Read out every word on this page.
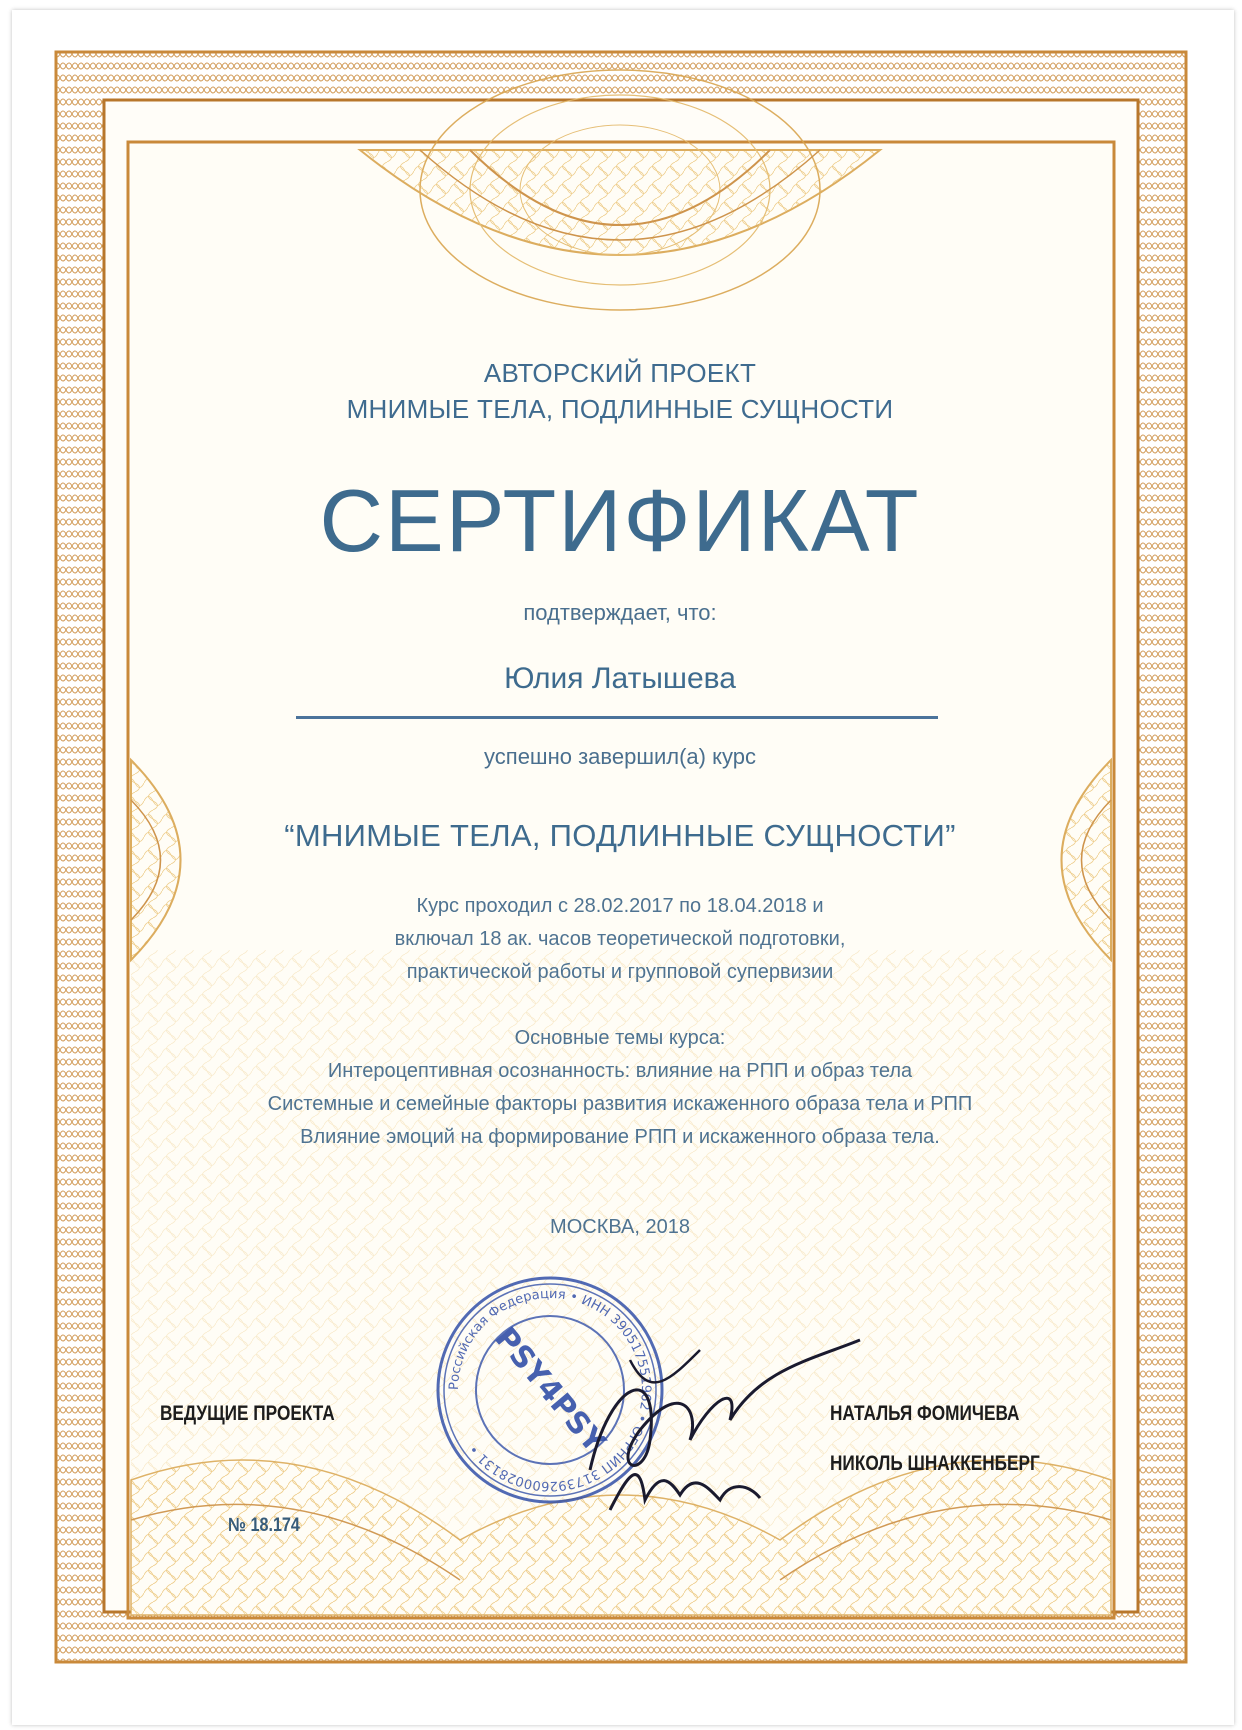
АВТОРСКИЙ ПРОЕКТ
МНИМЫЕ ТЕЛА, ПОДЛИННЫЕ СУЩНОСТИ
СЕРТИФИКАТ
подтверждает, что:
Юлия Латышева
успешно завершил(а) курс
“МНИМЫЕ ТЕЛА, ПОДЛИННЫЕ СУЩНОСТИ”
Курс проходил с 28.02.2017 по 18.04.2018 и
включал 18 ак. часов теоретической подготовки,
практической работы и групповой супервизии
Основные темы курса:
Интероцептивная осознанность: влияние на РПП и образ тела
Системные и семейные факторы развития искаженного образа тела и РПП
Влияние эмоций на формирование РПП и искаженного образа тела.
МОСКВА, 2018
ВЕДУЩИЕ ПРОЕКТА	НАТАЛЬЯ ФОМИЧЕВА
НИКОЛЬ ШНАККЕНБЕРГ
№ 18.174
Российская Федерация • ИНН 390517551962 • ОГРНИП 317392600028131 • PSY4PSY
